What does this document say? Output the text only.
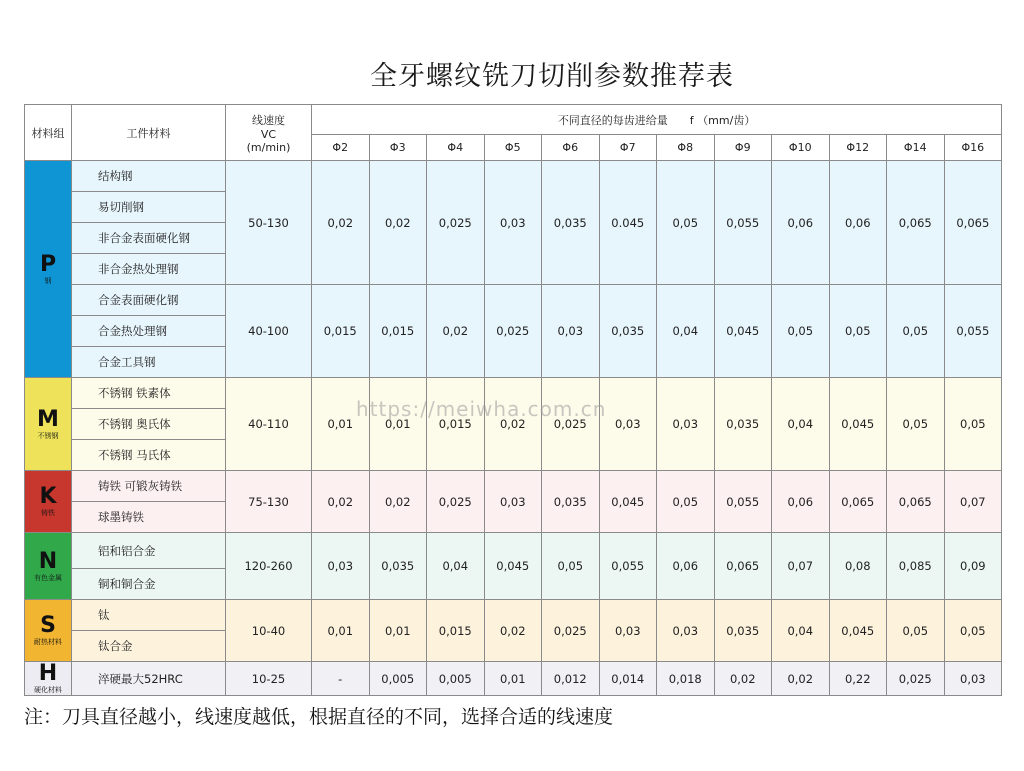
全牙螺纹铣刀切削参数推荐表
材料组	工件材料	线速度
VC
(m/min)	不同直径的每齿进给量　　f （mm/齿）											
			Φ2	Φ3	Φ4	Φ5	Φ6	Φ7	Φ8	Φ9	Φ10	Φ12	Φ14	Φ16

P
钢	结构钢	50-130	0,02	0,02	0,025	0,03	0,035	0.045	0,05	0,055	0,06	0,06	0,065	0,065
	易切削钢													
	非合金表面硬化钢													
	非合金热处理钢													
	合金表面硬化钢	40-100	0,015	0,015	0,02	0,025	0,03	0,035	0,04	0,045	0,05	0,05	0,05	0,055
	合金热处理钢													
	合金工具钢													

M
不锈钢	不锈钢 铁素体	40-110	0,01	0,01	0,015	0,02	0,025	0,03	0,03	0,035	0,04	0,045	0,05	0,05
	不锈钢 奥氏体													
	不锈钢 马氏体													

K
铸铁	铸铁 可锻灰铸铁	75-130	0,02	0,02	0,025	0,03	0,035	0,045	0,05	0,055	0,06	0,065	0,065	0,07
	球墨铸铁													

N
有色金属	铝和铝合金	120-260	0,03	0,035	0,04	0,045	0,05	0,055	0,06	0,065	0,07	0,08	0,085	0,09
	铜和铜合金													

S
耐热材料	钛	10-40	0,01	0,01	0,015	0,02	0,025	0,03	0,03	0,035	0,04	0,045	0,05	0,05
	钛合金													

H
硬化材料	淬硬最大52HRC	10-25	-	0,005	0,005	0,01	0,012	0,014	0,018	0,02	0,02	0,22	0,025	0,03
https://meiwha.com.cn
注：刀具直径越小，线速度越低，根据直径的不同，选择合适的线速度
